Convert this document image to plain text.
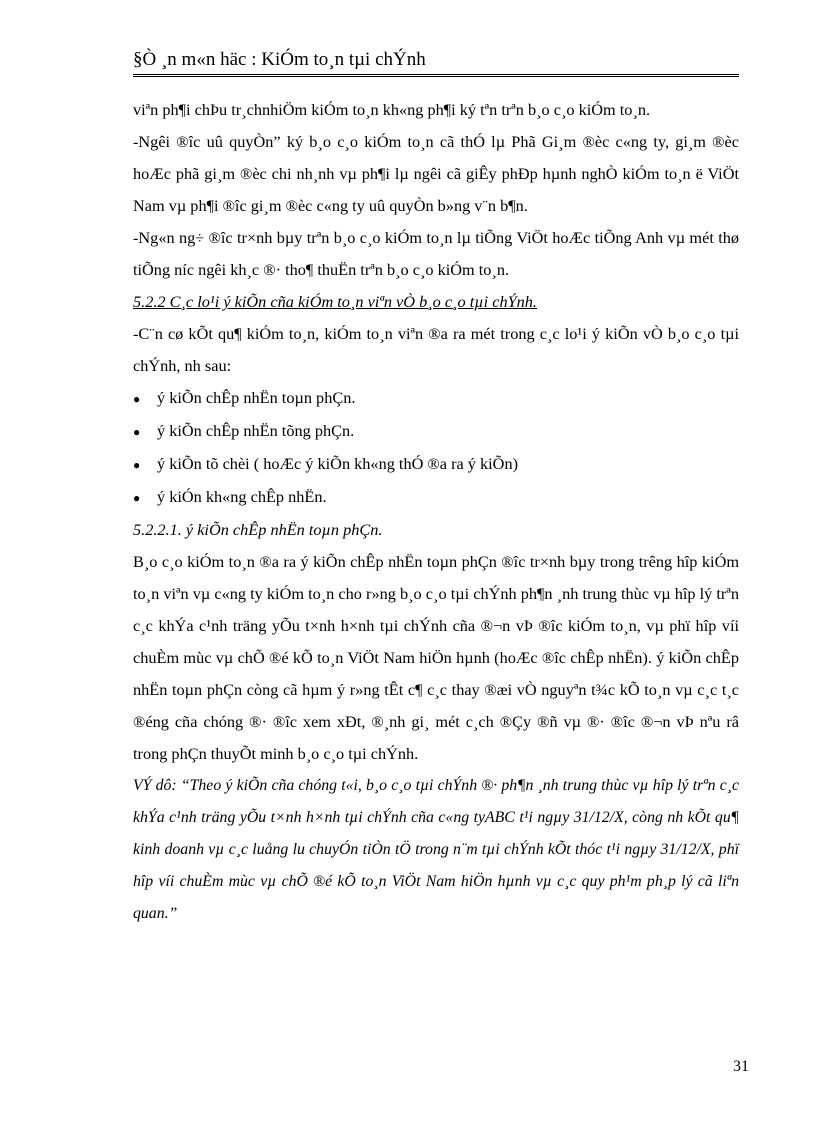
§Ò ¸n m«n häc : KiÓm to¸n tµi chÝnh

viªn ph¶i chÞu tr¸chnhiÖm kiÓm to¸n kh«ng ph¶i ký tªn trªn b¸o c¸o kiÓm to¸n.

-Ngêi ®îc uû quyÒn” ký b¸o c¸o kiÓm to¸n cã thÓ lµ Phã Gi¸m ®èc c«ng ty, gi¸m ®èc hoÆc phã gi¸m ®èc chi nh¸nh vµ ph¶i lµ ngêi cã giÊy phÐp hµnh nghÒ kiÓm to¸n ë ViÖt Nam vµ ph¶i ®îc gi¸m ®èc c«ng ty uû quyÒn b»ng v¨n b¶n.

-Ng«n ng÷ ®îc tr×nh bµy trªn b¸o c¸o kiÓm to¸n lµ tiÕng ViÖt hoÆc tiÕng Anh vµ mét thø tiÕng níc ngêi kh¸c ®· tho¶ thuËn trªn b¸o c¸o kiÓm to¸n.

5.2.2 C¸c lo¹i ý kiÕn cña kiÓm to¸n viªn vÒ b¸o c¸o tµi chÝnh.

-C¨n cø kÕt qu¶ kiÓm to¸n, kiÓm to¸n viªn ®a ra mét trong c¸c lo¹i ý kiÕn vÒ b¸o c¸o tµi chÝnh, nh sau:

●	ý kiÕn chÊp nhËn toµn phÇn.
●	ý kiÕn chÊp nhËn tõng phÇn.
●	ý kiÕn tõ chèi ( hoÆc ý kiÕn kh«ng thÓ ®a ra ý kiÕn)
●	ý kiÓn kh«ng chÊp nhËn.

5.2.2.1. ý kiÕn chÊp nhËn toµn phÇn.

B¸o c¸o kiÓm to¸n ®a ra ý kiÕn chÊp nhËn toµn phÇn ®îc tr×nh bµy trong trêng hîp kiÓm to¸n viªn vµ c«ng ty kiÓm to¸n cho r»ng b¸o c¸o tµi chÝnh ph¶n ¸nh trung thùc vµ hîp lý trªn c¸c khÝa c¹nh träng yÕu t×nh h×nh tµi chÝnh cña ®¬n vÞ ®îc kiÓm to¸n, vµ phï hîp víi chuÈm mùc vµ chÕ ®é kÕ to¸n ViÖt Nam hiÖn hµnh (hoÆc ®îc chÊp nhËn). ý kiÕn chÊp nhËn toµn phÇn còng cã hµm ý r»ng tÊt c¶ c¸c thay ®æi vÒ nguyªn t¾c kÕ to¸n vµ c¸c t¸c ®éng cña chóng ®· ®îc xem xÐt, ®¸nh gi¸ mét c¸ch ®Çy ®ñ vµ ®· ®îc ®¬n vÞ nªu râ trong phÇn thuyÕt minh b¸o c¸o tµi chÝnh.

VÝ dô: “Theo ý kiÕn cña chóng t«i, b¸o c¸o tµi chÝnh ®· ph¶n ¸nh trung thùc vµ hîp lý trªn c¸c khÝa c¹nh träng yÕu t×nh h×nh tµi chÝnh cña c«ng tyABC t¹i ngµy 31/12/X, còng nh kÕt qu¶ kinh doanh vµ c¸c luång lu chuyÓn tiÒn tÖ trong n¨m tµi chÝnh kÕt thóc t¹i ngµy 31/12/X, phï hîp víi chuÈm mùc vµ chÕ ®é kÕ to¸n ViÖt Nam hiÖn hµnh vµ c¸c quy ph¹m ph¸p lý cã liªn quan.”

31
